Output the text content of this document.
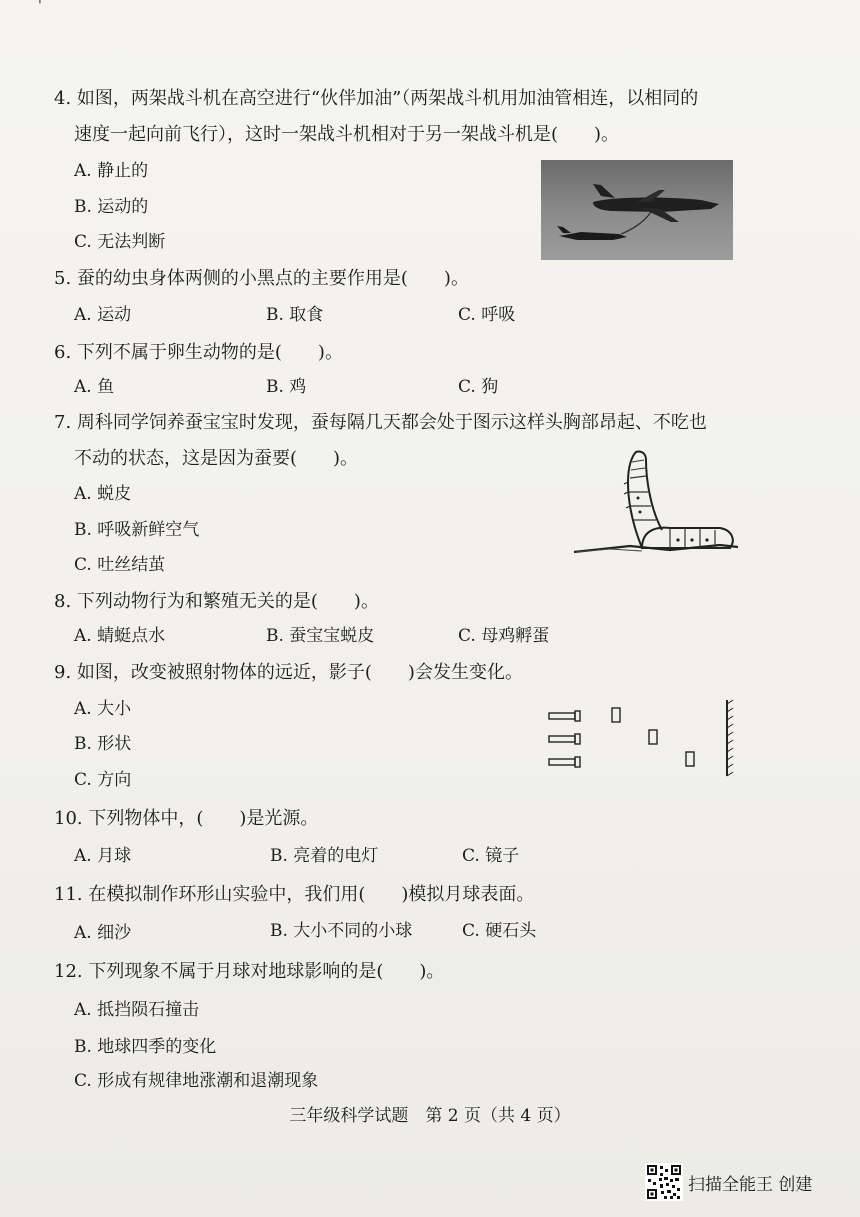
'
4. 如图，两架战斗机在高空进行“伙伴加油”（两架战斗机用加油管相连，以相同的
速度一起向前飞行），这时一架战斗机相对于另一架战斗机是(　　)。
A. 静止的
B. 运动的
C. 无法判断
5. 蚕的幼虫身体两侧的小黑点的主要作用是(　　)。
A. 运动	B. 取食	C. 呼吸
6. 下列不属于卵生动物的是(　　)。
A. 鱼	B. 鸡	C. 狗
7. 周科同学饲养蚕宝宝时发现，蚕每隔几天都会处于图示这样头胸部昂起、不吃也
不动的状态，这是因为蚕要(　　)。
A. 蜕皮
B. 呼吸新鲜空气
C. 吐丝结茧
8. 下列动物行为和繁殖无关的是(　　)。
A. 蜻蜓点水	B. 蚕宝宝蜕皮	C. 母鸡孵蛋
9. 如图，改变被照射物体的远近，影子(　　)会发生变化。
A. 大小
B. 形状
C. 方向
10. 下列物体中，(　　)是光源。
A. 月球	B. 亮着的电灯	C. 镜子
11. 在模拟制作环形山实验中，我们用(　　)模拟月球表面。
A. 细沙	B. 大小不同的小球	C. 硬石头
12. 下列现象不属于月球对地球影响的是(　　)。
A. 抵挡陨石撞击
B. 地球四季的变化
C. 形成有规律地涨潮和退潮现象
三年级科学试题　第 2 页（共 4 页）
扫描全能王 创建
